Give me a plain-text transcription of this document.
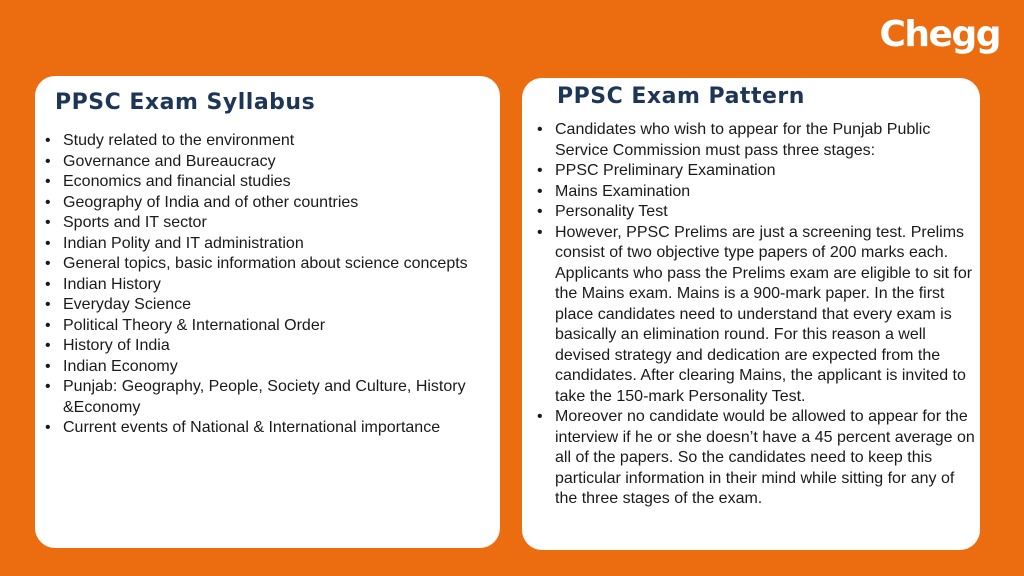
Chegg
PPSC Exam Syllabus
• Study related to the environment
• Governance and Bureaucracy
• Economics and financial studies
• Geography of India and of other countries
• Sports and IT sector
• Indian Polity and IT administration
• General topics, basic information about science concepts
• Indian History
• Everyday Science
• Political Theory & International Order
• History of India
• Indian Economy
• Punjab: Geography, People, Society and Culture, History &Economy
• Current events of National & International importance
PPSC Exam Pattern
• Candidates who wish to appear for the Punjab Public Service Commission must pass three stages:
• PPSC Preliminary Examination
• Mains Examination
• Personality Test
• However, PPSC Prelims are just a screening test. Prelims consist of two objective type papers of 200 marks each. Applicants who pass the Prelims exam are eligible to sit for the Mains exam. Mains is a 900-mark paper. In the first place candidates need to understand that every exam is basically an elimination round. For this reason a well devised strategy and dedication are expected from the candidates. After clearing Mains, the applicant is invited to take the 150-mark Personality Test.
• Moreover no candidate would be allowed to appear for the interview if he or she doesn’t have a 45 percent average on all of the papers. So the candidates need to keep this particular information in their mind while sitting for any of the three stages of the exam.
